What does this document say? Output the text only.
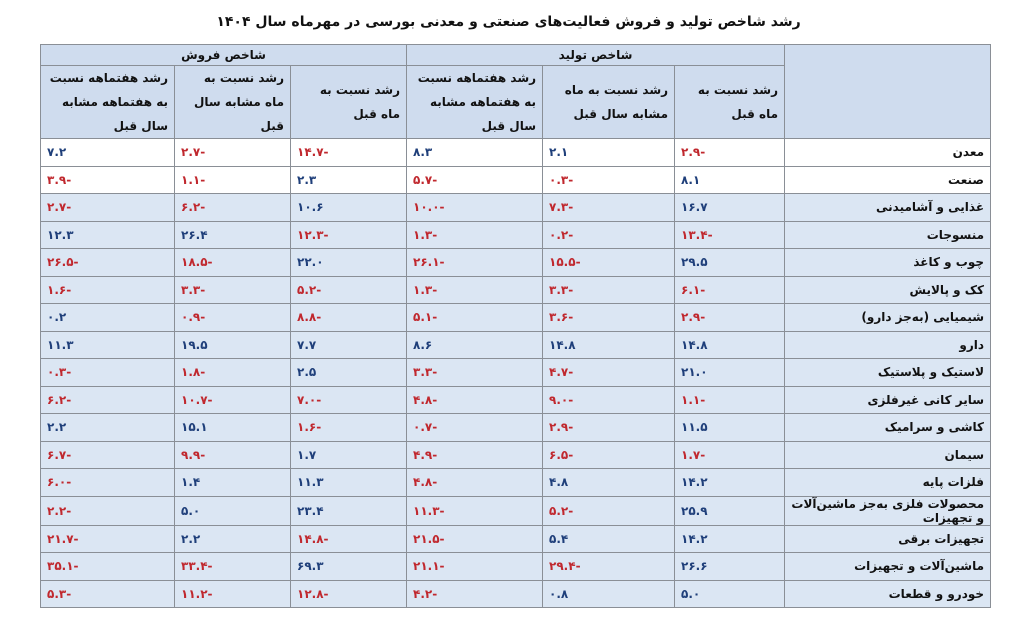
رشد شاخص تولید و فروش فعالیت‌های صنعتی و معدنی بورسی در مهرماه سال ۱۴۰۴
	شاخص تولید			شاخص فروش		
	رشد نسبت به ماه قبل	رشد نسبت به ماه مشابه سال قبل	رشد هفتماهه نسبت به هفتماهه مشابه سال قبل	رشد نسبت به ماه قبل	رشد نسبت به ماه مشابه سال قبل	رشد هفتماهه نسبت به هفتماهه مشابه سال قبل
معدن	-۲.۹	۲.۱	۸.۳	-۱۴.۷	-۲.۷	۷.۲
صنعت	۸.۱	-۰.۳	-۵.۷	۲.۳	-۱.۱	-۳.۹
غذایی و آشامیدنی	۱۶.۷	-۷.۳	-۱۰.۰	۱۰.۶	-۶.۲	-۲.۷
منسوجات	-۱۳.۴	-۰.۲	-۱.۳	-۱۲.۳	۲۶.۴	۱۲.۳
چوب و کاغذ	۲۹.۵	-۱۵.۵	-۲۶.۱	۲۲.۰	-۱۸.۵	-۲۶.۵
کک و پالایش	-۶.۱	-۳.۳	-۱.۳	-۵.۲	-۳.۳	-۱.۶
شیمیایی (به‌جز دارو)	-۲.۹	-۳.۶	-۵.۱	-۸.۸	-۰.۹	۰.۲
دارو	۱۴.۸	۱۴.۸	۸.۶	۷.۷	۱۹.۵	۱۱.۳
لاستیک و پلاستیک	۲۱.۰	-۴.۷	-۳.۳	۲.۵	-۱.۸	-۰.۳
سایر کانی غیرفلزی	-۱.۱	-۹.۰	-۴.۸	-۷.۰	-۱۰.۷	-۶.۲
کاشی و سرامیک	۱۱.۵	-۲.۹	-۰.۷	-۱.۶	۱۵.۱	۲.۲
سیمان	-۱.۷	-۶.۵	-۴.۹	۱.۷	-۹.۹	-۶.۷
فلزات پایه	۱۴.۲	۴.۸	-۴.۸	۱۱.۳	۱.۴	-۶.۰
محصولات فلزی به‌جز ماشین‌آلات و تجهیزات	۲۵.۹	-۵.۲	-۱۱.۳	۲۳.۴	۵.۰	-۲.۲
تجهیزات برقی	۱۴.۲	۵.۴	-۲۱.۵	-۱۴.۸	۲.۲	-۲۱.۷
ماشین‌آلات و تجهیزات	۲۶.۶	-۲۹.۴	-۲۱.۱	۶۹.۳	-۳۳.۴	-۳۵.۱
خودرو و قطعات	۵.۰	۰.۸	-۴.۲	-۱۲.۸	-۱۱.۲	-۵.۳
